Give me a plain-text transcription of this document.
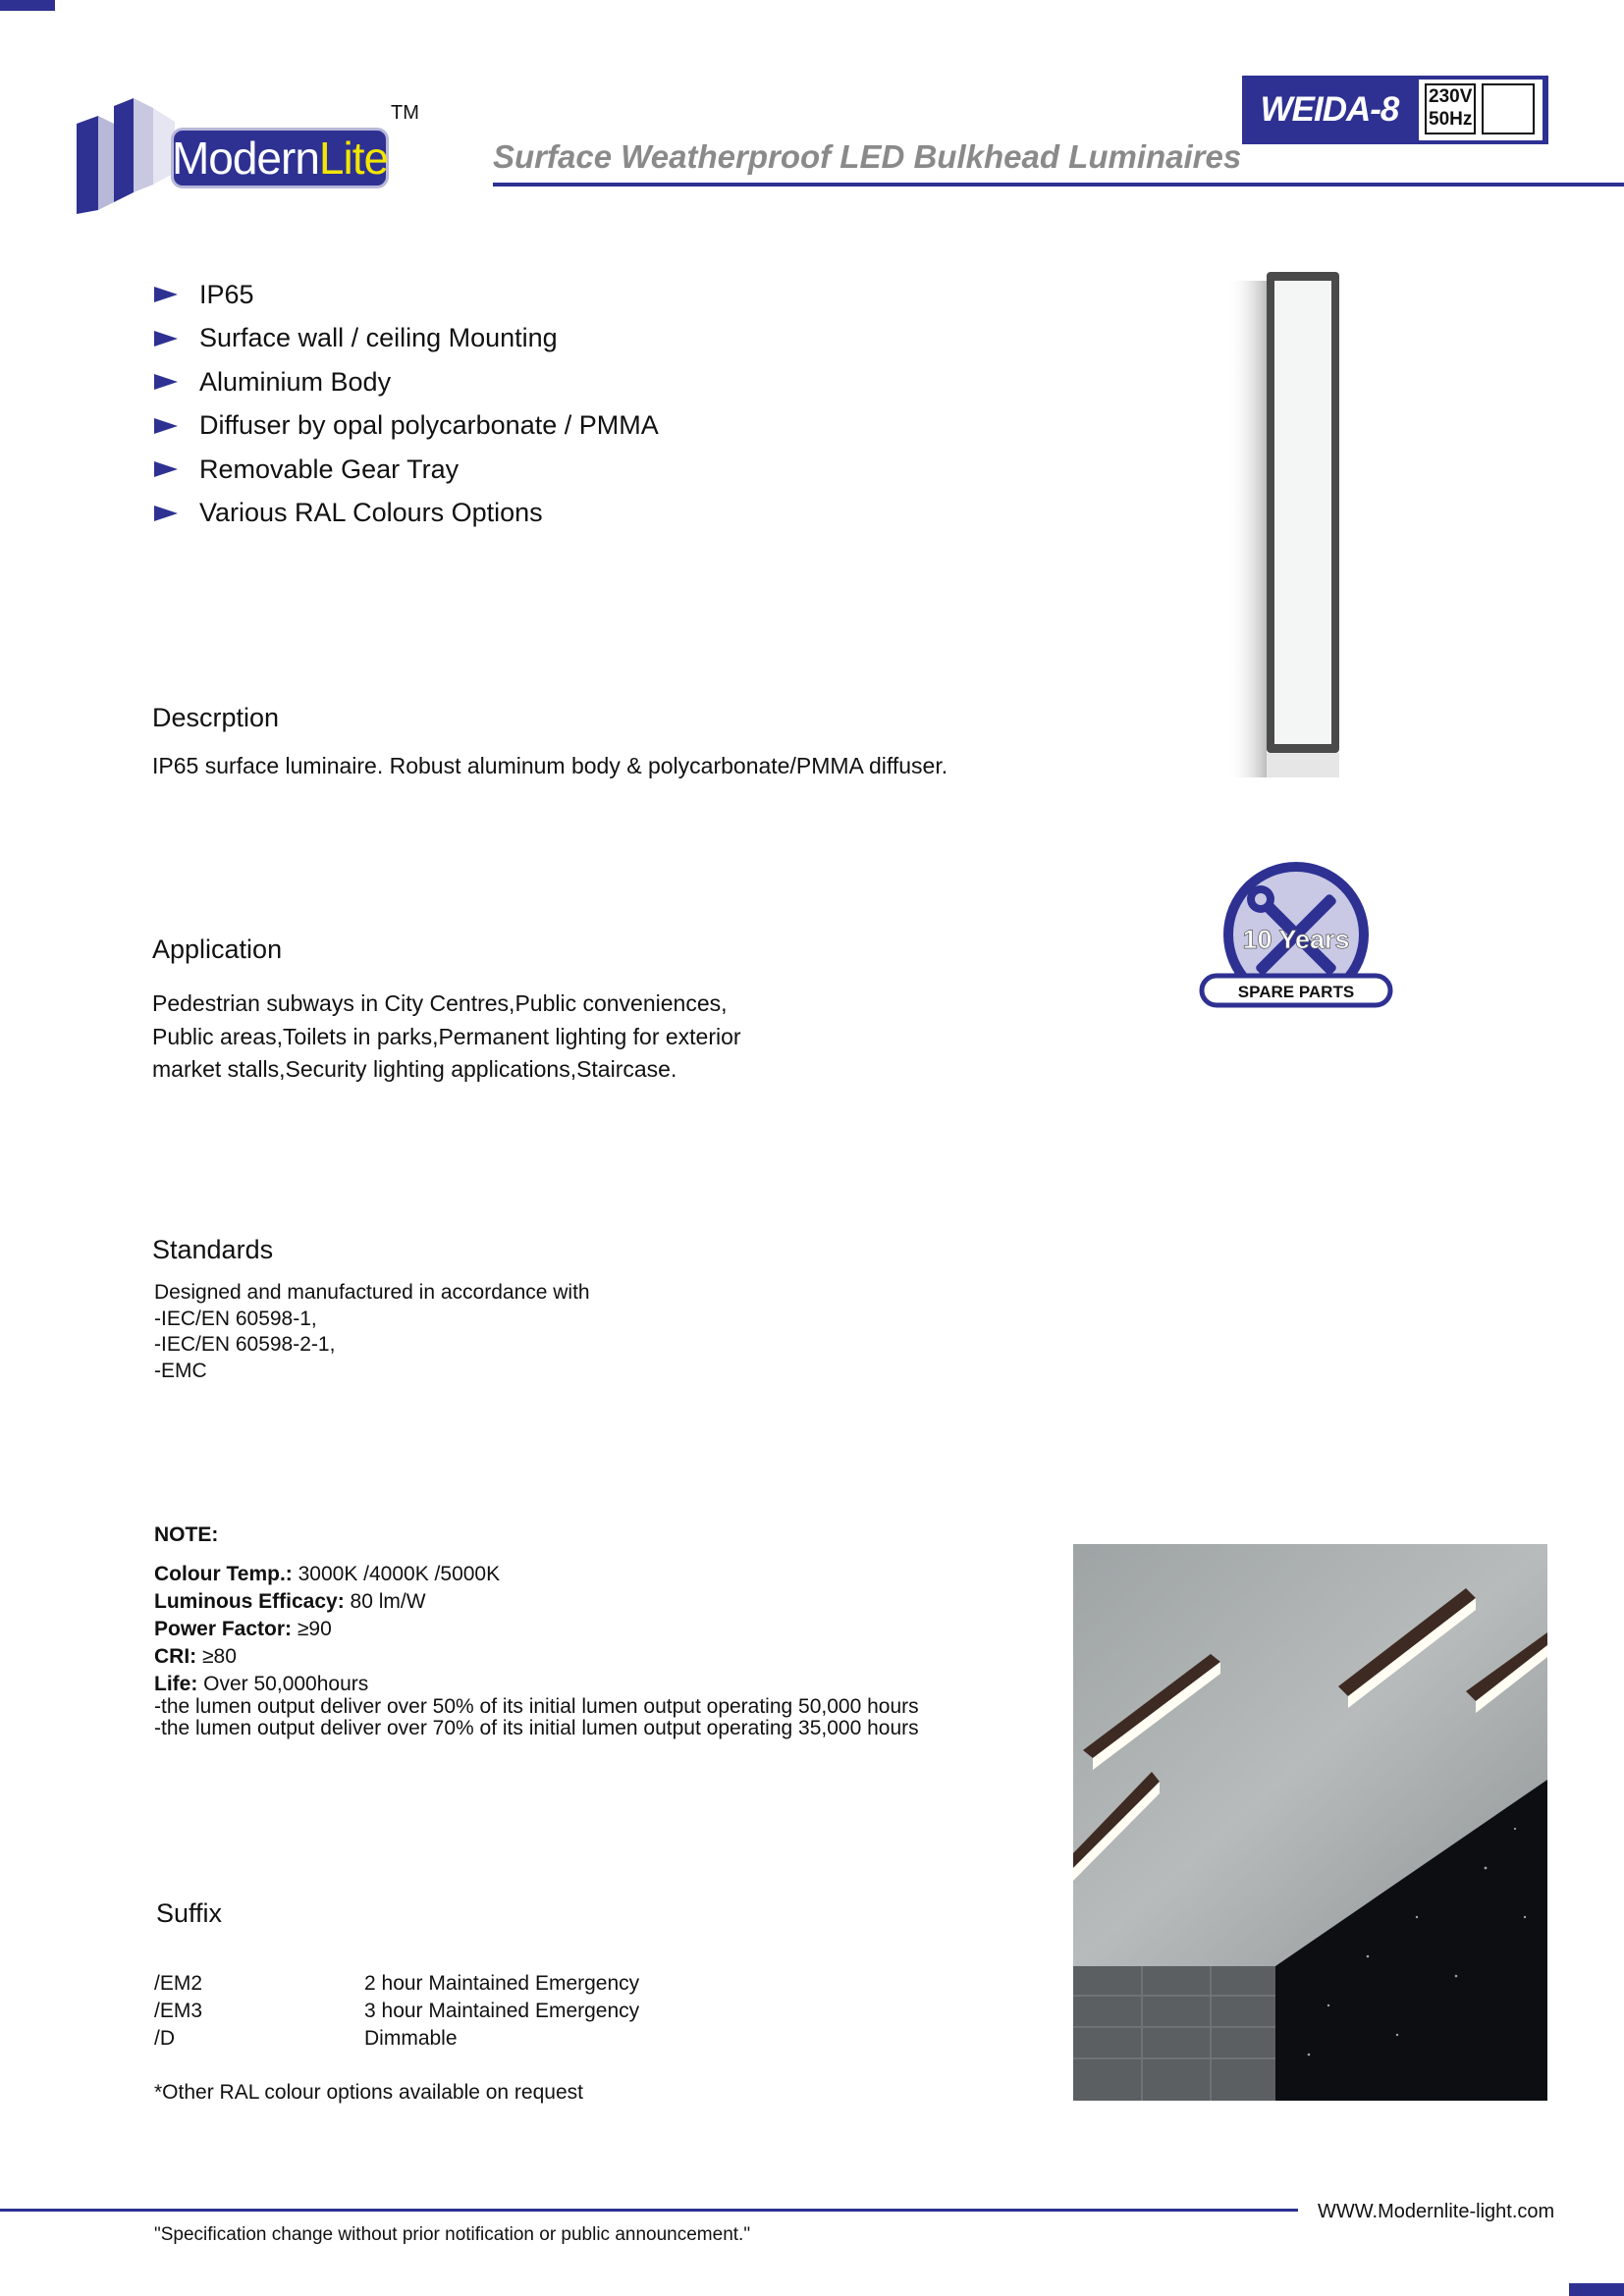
Modern Lite
TM	WEIDA-8	230V
50Hz
Surface Weatherproof LED Bulkhead Luminaires
IP65
Surface wall / ceiling Mounting
Aluminium Body
Diffuser by opal polycarbonate / PMMA
Removable Gear Tray
Various RAL Colours Options
Descrption
IP65 surface luminaire. Robust aluminum body & polycarbonate/PMMA diffuser.
10 Years
SPARE PARTS
Application
Pedestrian subways in City Centres,Public conveniences,
Public areas,Toilets in parks,Permanent lighting for exterior
market stalls,Security lighting applications,Staircase.
Standards
Designed and manufactured in accordance with
-IEC/EN 60598-1,
-IEC/EN 60598-2-1,
-EMC
NOTE:
Colour Temp.: 3000K /4000K /5000K
Luminous Efficacy: 80 lm/W
Power Factor: ≥90
CRI: ≥80
Life: Over 50,000hours
-the lumen output deliver over 50% of its initial lumen output operating 50,000 hours
-the lumen output deliver over 70% of its initial lumen output operating 35,000 hours
Suffix
/EM2	2 hour Maintained Emergency
/EM3	3 hour Maintained Emergency
/D	Dimmable
*Other RAL colour options available on request
WWW.Modernlite-light.com
"Specification change without prior notification or public announcement."
